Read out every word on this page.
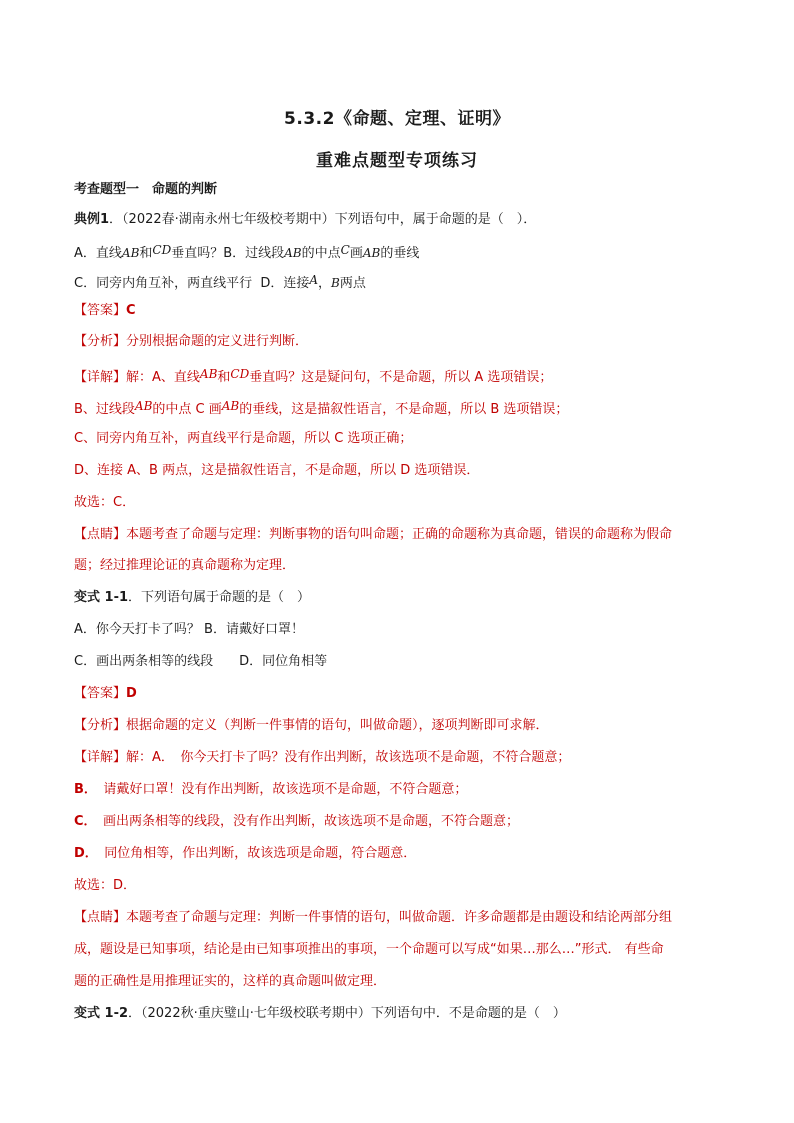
5.3.2《命题、定理、证明》
重难点题型专项练习
考查题型一　 命题的判断
典例1．（2022春·湖南永州七年级校考期中）下列语句中，属于命题的是（　）．
A．直线AB和CD垂直吗？B．过线段AB的中点C画AB的垂线
C．同旁内角互补，两直线平行 D．连接A，B两点
【答案】C
【分析】分别根据命题的定义进行判断．
【详解】解：A、直线AB和CD垂直吗？这是疑问句，不是命题，所以 A 选项错误；
B、过线段AB的中点 C 画AB的垂线，这是描叙性语言，不是命题，所以 B 选项错误；
C、同旁内角互补，两直线平行是命题，所以 C 选项正确；
D、连接 A、B 两点，这是描叙性语言，不是命题，所以 D 选项错误．
故选：C．
【点睛】本题考查了命题与定理：判断事物的语句叫命题；正确的命题称为真命题，错误的命题称为假命
题；经过推理论证的真命题称为定理．
变式 1-1．下列语句属于命题的是（　）
A．你今天打卡了吗？ B．请戴好口罩！
C．画出两条相等的线段　　D．同位角相等
【答案】D
【分析】根据命题的定义（判断一件事情的语句，叫做命题），逐项判断即可求解．
【详解】解：A．　你今天打卡了吗？没有作出判断，故该选项不是命题，不符合题意；
B．　请戴好口罩！没有作出判断，故该选项不是命题，不符合题意；
C．　画出两条相等的线段，没有作出判断，故该选项不是命题，不符合题意；
D．　同位角相等，作出判断，故该选项是命题，符合题意．
故选：D．
【点睛】本题考查了命题与定理：判断一件事情的语句，叫做命题．许多命题都是由题设和结论两部分组
成，题设是已知事项，结论是由已知事项推出的事项，一个命题可以写成“如果…那么…”形式． 有些命
题的正确性是用推理证实的，这样的真命题叫做定理．
变式 1-2．（2022秋·重庆璧山·七年级校联考期中）下列语句中．不是命题的是（　）
